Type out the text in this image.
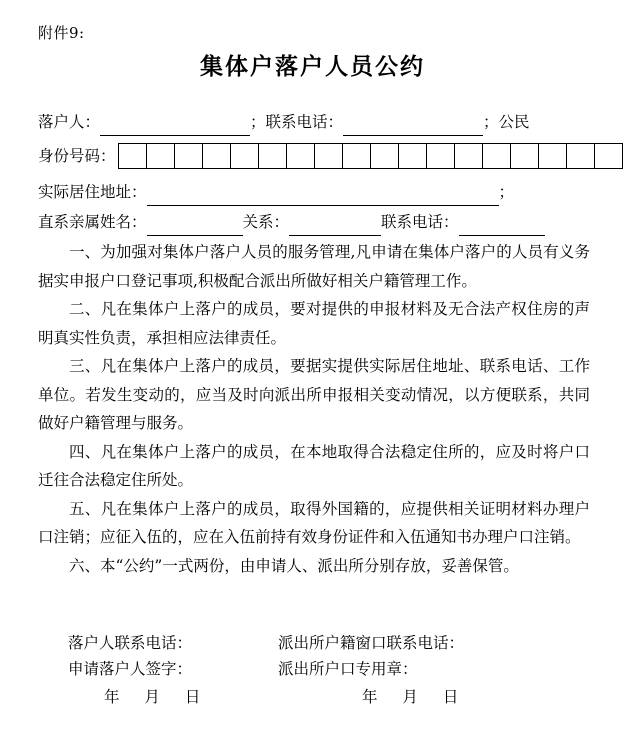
附件9:
集体户落户人员公约
落户人：	；联系电话：	；公民
身份号码：
实际居住地址：	；
直系亲属姓名：	关系：	联系电话：

一、为加强对集体户落户人员的服务管理,凡申请在集体户落户的人员有义务据实申报户口登记事项,积极配合派出所做好相关户籍管理工作。

二、凡在集体户上落户的成员，要对提供的申报材料及无合法产权住房的声明真实性负责，承担相应法律责任。

三、凡在集体户上落户的成员，要据实提供实际居住地址、联系电话、工作单位。若发生变动的，应当及时向派出所申报相关变动情况，以方便联系，共同做好户籍管理与服务。

四、凡在集体户上落户的成员，在本地取得合法稳定住所的，应及时将户口迁往合法稳定住所处。

五、凡在集体户上落户的成员，取得外国籍的，应提供相关证明材料办理户口注销；应征入伍的，应在入伍前持有效身份证件和入伍通知书办理户口注销。

六、本“公约”一式两份，由申请人、派出所分别存放，妥善保管。

落户人联系电话：	派出所户籍窗口联系电话：
申请落户人签字：	派出所户口专用章：
年 月 日	年 月 日
